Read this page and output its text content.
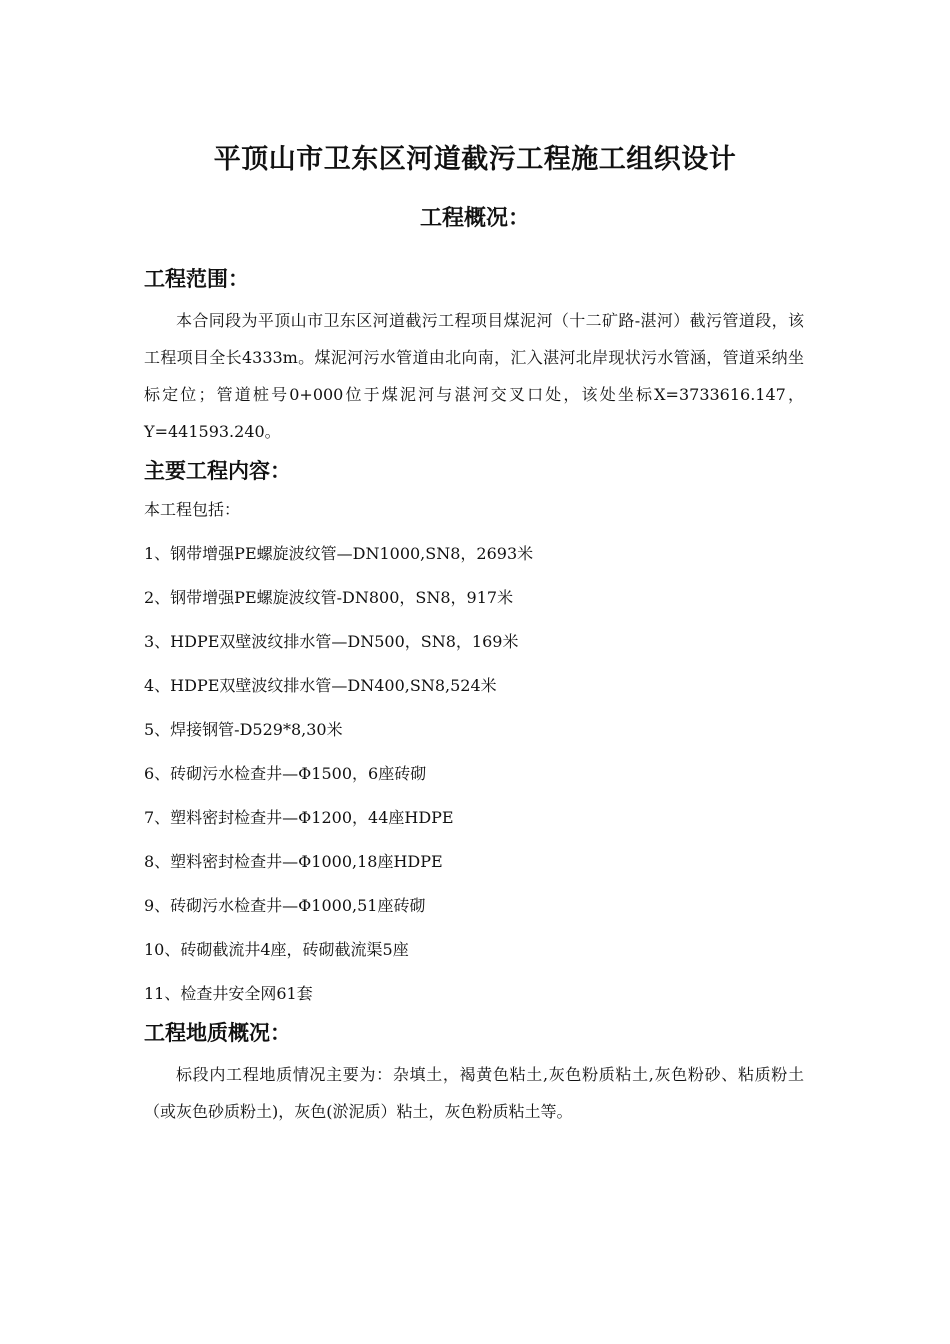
平顶山市卫东区河道截污工程施工组织设计
工程概况：
工程范围：

本合同段为平顶山市卫东区河道截污工程项目煤泥河（十二矿路-湛河）截污管道段，该工程项目全长4333m。煤泥河污水管道由北向南，汇入湛河北岸现状污水管涵，管道采纳坐标定位；管道桩号0+000位于煤泥河与湛河交叉口处，该处坐标X=3733616.147，Y=441593.240。

主要工程内容：

本工程包括：

1、钢带增强PE螺旋波纹管—DN1000,SN8，2693米
2、钢带增强PE螺旋波纹管-DN800，SN8，917米
3、HDPE双壁波纹排水管—DN500，SN8，169米
4、HDPE双壁波纹排水管—DN400,SN8,524米
5、焊接钢管-D529*8,30米
6、砖砌污水检查井—Φ1500，6座砖砌
7、塑料密封检查井—Φ1200，44座HDPE
8、塑料密封检查井—Φ1000,18座HDPE
9、砖砌污水检查井—Φ1000,51座砖砌
10、砖砌截流井4座，砖砌截流渠5座
11、检查井安全网61套
工程地质概况：

标段内工程地质情况主要为：杂填土，褐黄色粘土,灰色粉质粘土,灰色粉砂、粘质粉土（或灰色砂质粉土)，灰色(淤泥质）粘土，灰色粉质粘土等。
